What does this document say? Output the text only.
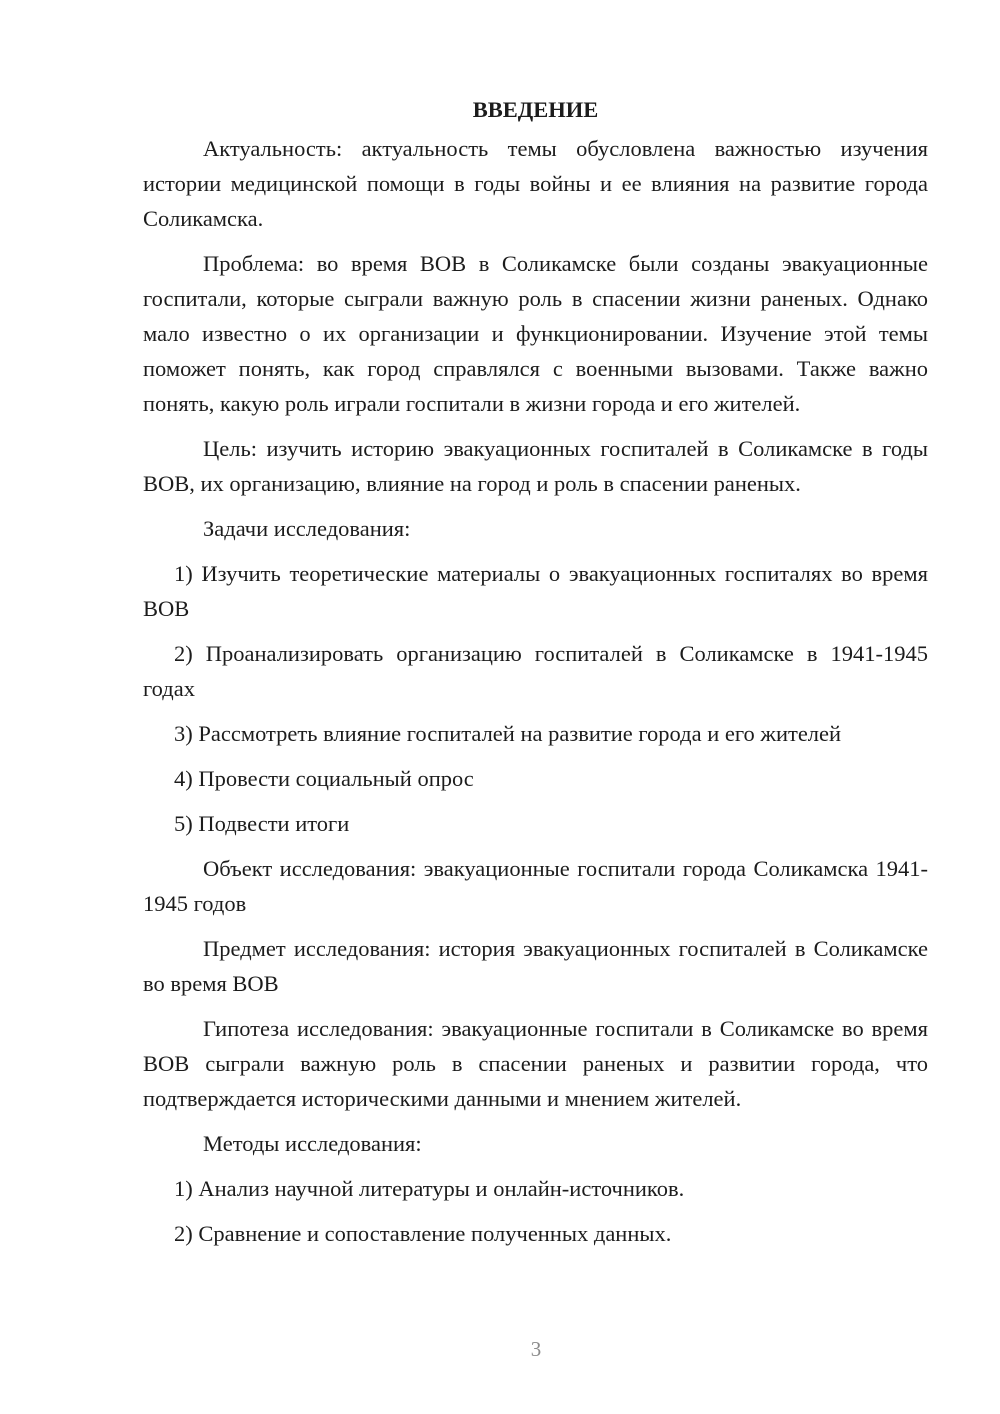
ВВЕДЕНИЕ

Актуальность: актуальность темы обусловлена важностью изучения истории медицинской помощи в годы войны и ее влияния на развитие города Соликамска.

Проблема: во время ВОВ в Соликамске были созданы эвакуационные госпитали, которые сыграли важную роль в спасении жизни раненых. Однако мало известно о их организации и функционировании. Изучение этой темы поможет понять, как город справлялся с военными вызовами. Также важно понять, какую роль играли госпитали в жизни города и его жителей.

Цель: изучить историю эвакуационных госпиталей в Соликамске в годы ВОВ, их организацию, влияние на город и роль в спасении раненых.

Задачи исследования:

1) Изучить теоретические материалы о эвакуационных госпиталях во время ВОВ

2) Проанализировать организацию госпиталей в Соликамске в 1941-1945 годах

3) Рассмотреть влияние госпиталей на развитие города и его жителей

4) Провести социальный опрос

5) Подвести итоги

Объект исследования: эвакуационные госпитали города Соликамска 1941-1945 годов

Предмет исследования: история эвакуационных госпиталей в Соликамске во время ВОВ

Гипотеза исследования: эвакуационные госпитали в Соликамске во время ВОВ сыграли важную роль в спасении раненых и развитии города, что подтверждается историческими данными и мнением жителей.

Методы исследования:

1) Анализ научной литературы и онлайн-источников.

2) Сравнение и сопоставление полученных данных.

3
